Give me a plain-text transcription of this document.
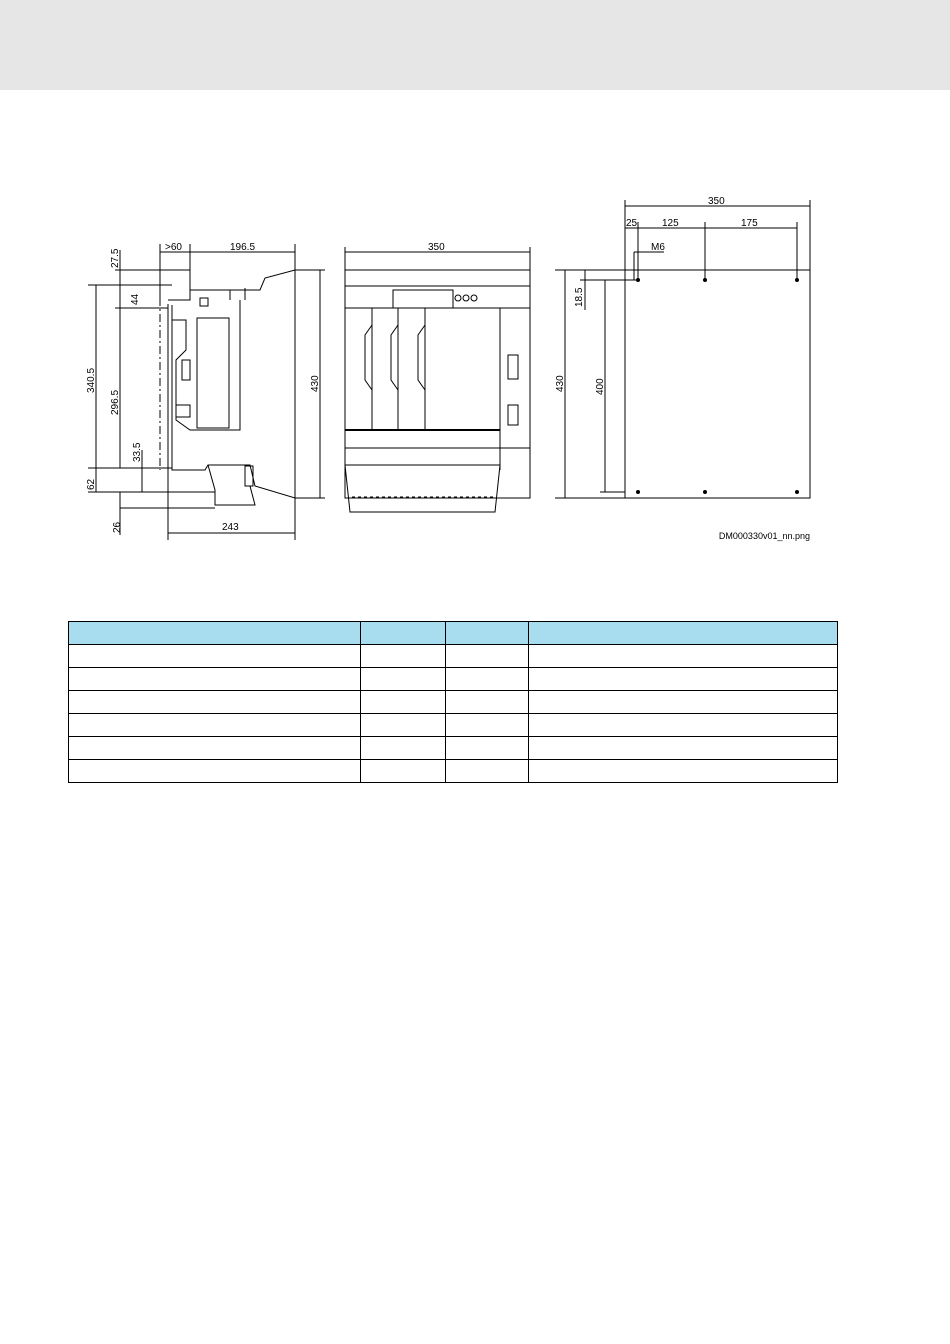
27.5
>60	196.5
44
340.5
296.5
33.5
62
26	243
430
350
350
25 125	175
M6
18.5
430	400
DM000330v01_nn.png
